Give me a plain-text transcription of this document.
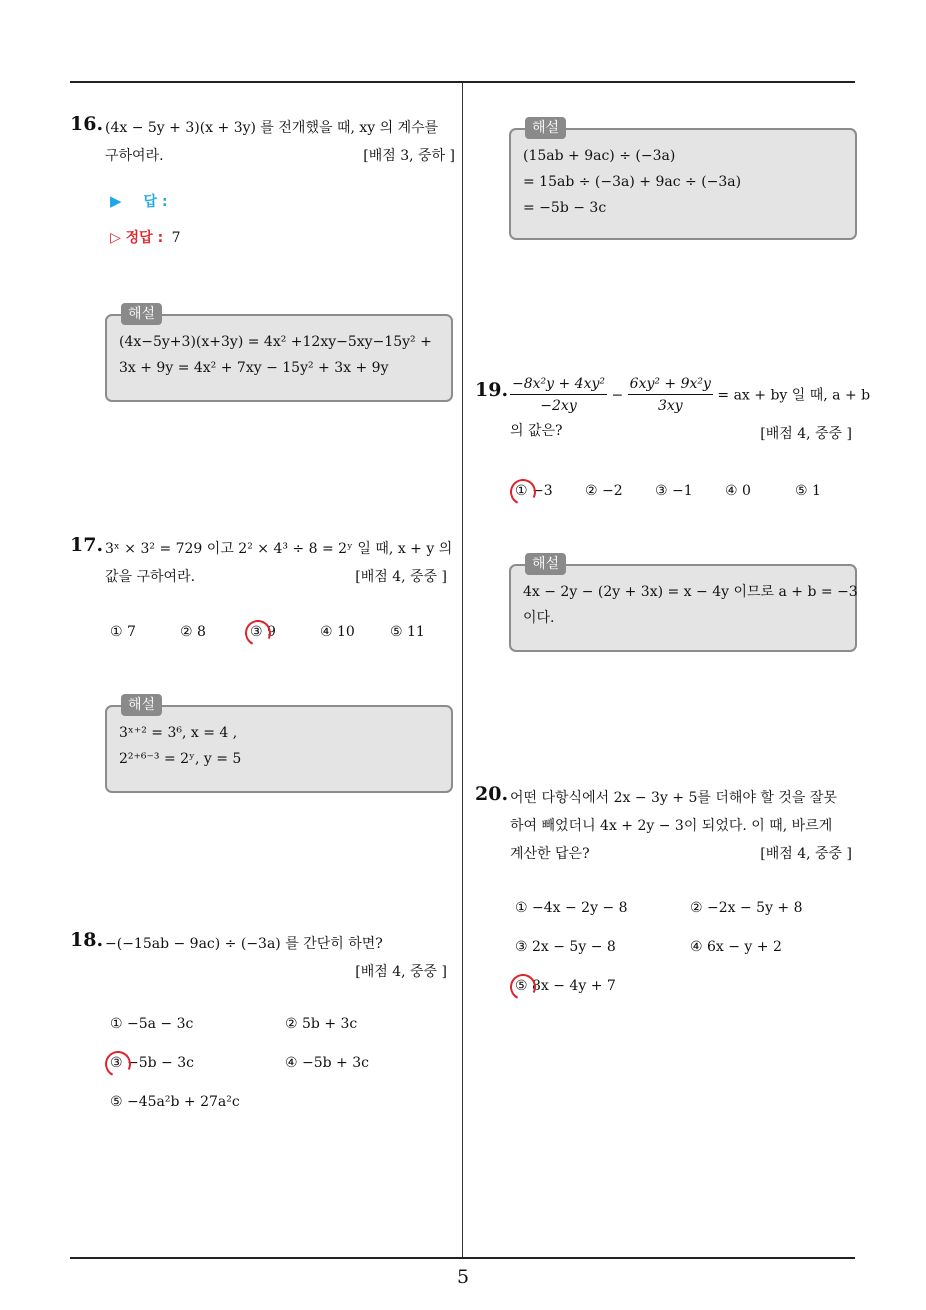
16. (4x − 5y + 3)(x + 3y) 를 전개했을 때, xy 의 계수를
구하여라.	[배점 3, 중하 ]
▶ 답 :
▷ 정답 : 7
해설
(4x−5y+3)(x+3y) = 4x² +12xy−5xy−15y² +
3x + 9y = 4x² + 7xy − 15y² + 3x + 9y
17. 3ˣ × 3² = 729 이고 2² × 4³ ÷ 8 = 2ʸ 일 때, x + y 의
값을 구하여라.	[배점 4, 중중 ]
① 7	② 8	③ 9	④ 10	⑤ 11
해설
3ˣ⁺² = 3⁶, x = 4 ,
2²⁺⁶⁻³ = 2ʸ, y = 5
18. −(−15ab − 9ac) ÷ (−3a) 를 간단히 하면?
[배점 4, 중중 ]
① −5a − 3c	② 5b + 3c
③ −5b − 3c	④ −5b + 3c
⑤ −45a²b + 27a²c
해설
(15ab + 9ac) ÷ (−3a)
= 15ab ÷ (−3a) + 9ac ÷ (−3a)
= −5b − 3c
19. $\frac{\text{−8x²y + 4xy²}}{-2xy} - \frac{\text{6xy² + 9x²y}}{3xy}$ = ax + by 일 때, a + b
의 값은?	[배점 4, 중중 ]
① −3 ② −2 ③ −1 ④ 0	⑤ 1
해설
4x − 2y − (2y + 3x) = x − 4y 이므로 a + b = −3
이다.
20. 어떤 다항식에서 2x − 3y + 5를 더해야 할 것을 잘못
하여 빼었더니 4x + 2y − 3이 되었다. 이 때, 바르게
계산한 답은?	[배점 4, 중중 ]
① −4x − 2y − 8	② −2x − 5y + 8
③ 2x − 5y − 8	④ 6x − y + 2
⑤ 8x − 4y + 7
5
